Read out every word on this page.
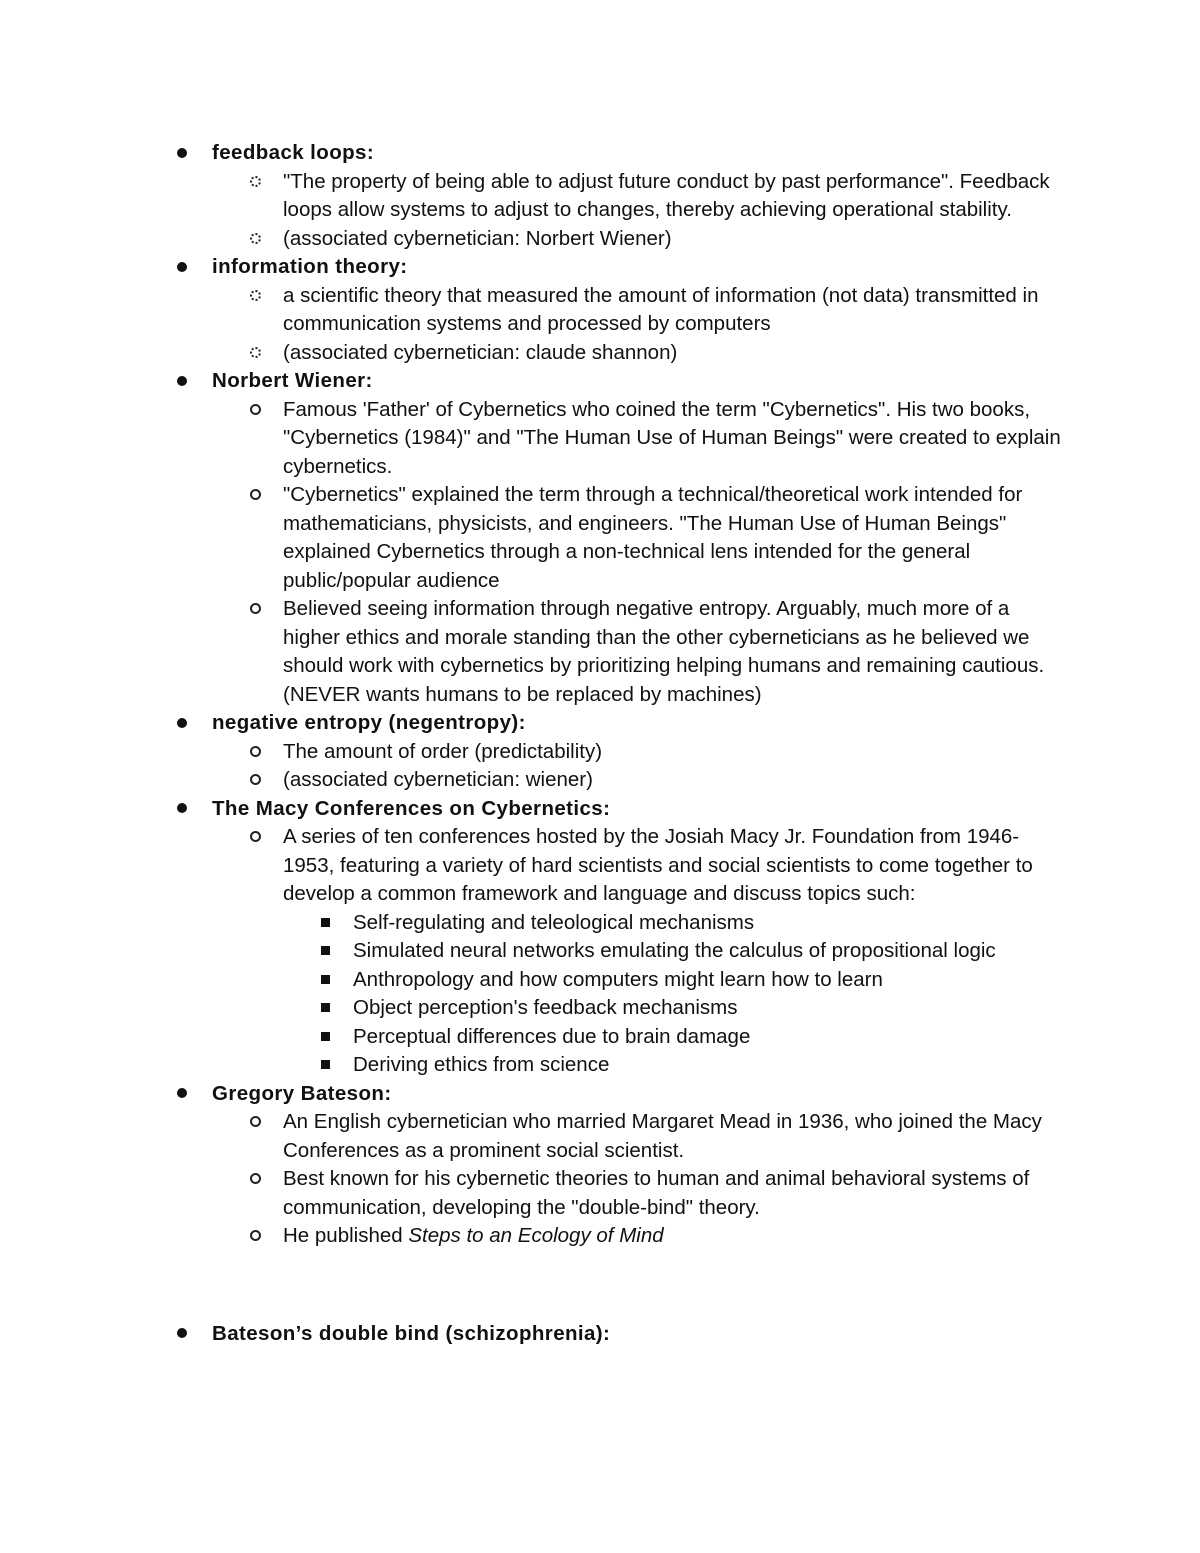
feedback loops:
"The property of being able to adjust future conduct by past performance". Feedback loops allow systems to adjust to changes, thereby achieving operational stability.
(associated cybernetician: Norbert Wiener)
information theory:
a scientific theory that measured the amount of information (not data) transmitted in communication systems and processed by computers
(associated cybernetician: claude shannon)
Norbert Wiener:
Famous 'Father' of Cybernetics who coined the term "Cybernetics". His two books, "Cybernetics (1984)" and "The Human Use of Human Beings" were created to explain cybernetics.
"Cybernetics" explained the term through a technical/theoretical work intended for mathematicians, physicists, and engineers. "The Human Use of Human Beings" explained Cybernetics through a non-technical lens intended for the general public/popular audience
Believed seeing information through negative entropy. Arguably, much more of a higher ethics and morale standing than the other cyberneticians as he believed we should work with cybernetics by prioritizing helping humans and remaining cautious. (NEVER wants humans to be replaced by machines)
negative entropy (negentropy):
The amount of order (predictability)
(associated cybernetician: wiener)
The Macy Conferences on Cybernetics:
A series of ten conferences hosted by the Josiah Macy Jr. Foundation from 1946-1953, featuring a variety of hard scientists and social scientists to come together to develop a common framework and language and discuss topics such:
Self-regulating and teleological mechanisms
Simulated neural networks emulating the calculus of propositional logic
Anthropology and how computers might learn how to learn
Object perception's feedback mechanisms
Perceptual differences due to brain damage
Deriving ethics from science
Gregory Bateson:
An English cybernetician who married Margaret Mead in 1936, who joined the Macy Conferences as a prominent social scientist.
Best known for his cybernetic theories to human and animal behavioral systems of communication, developing the "double-bind" theory.
He published Steps to an Ecology of Mind
Bateson’s double bind (schizophrenia):
